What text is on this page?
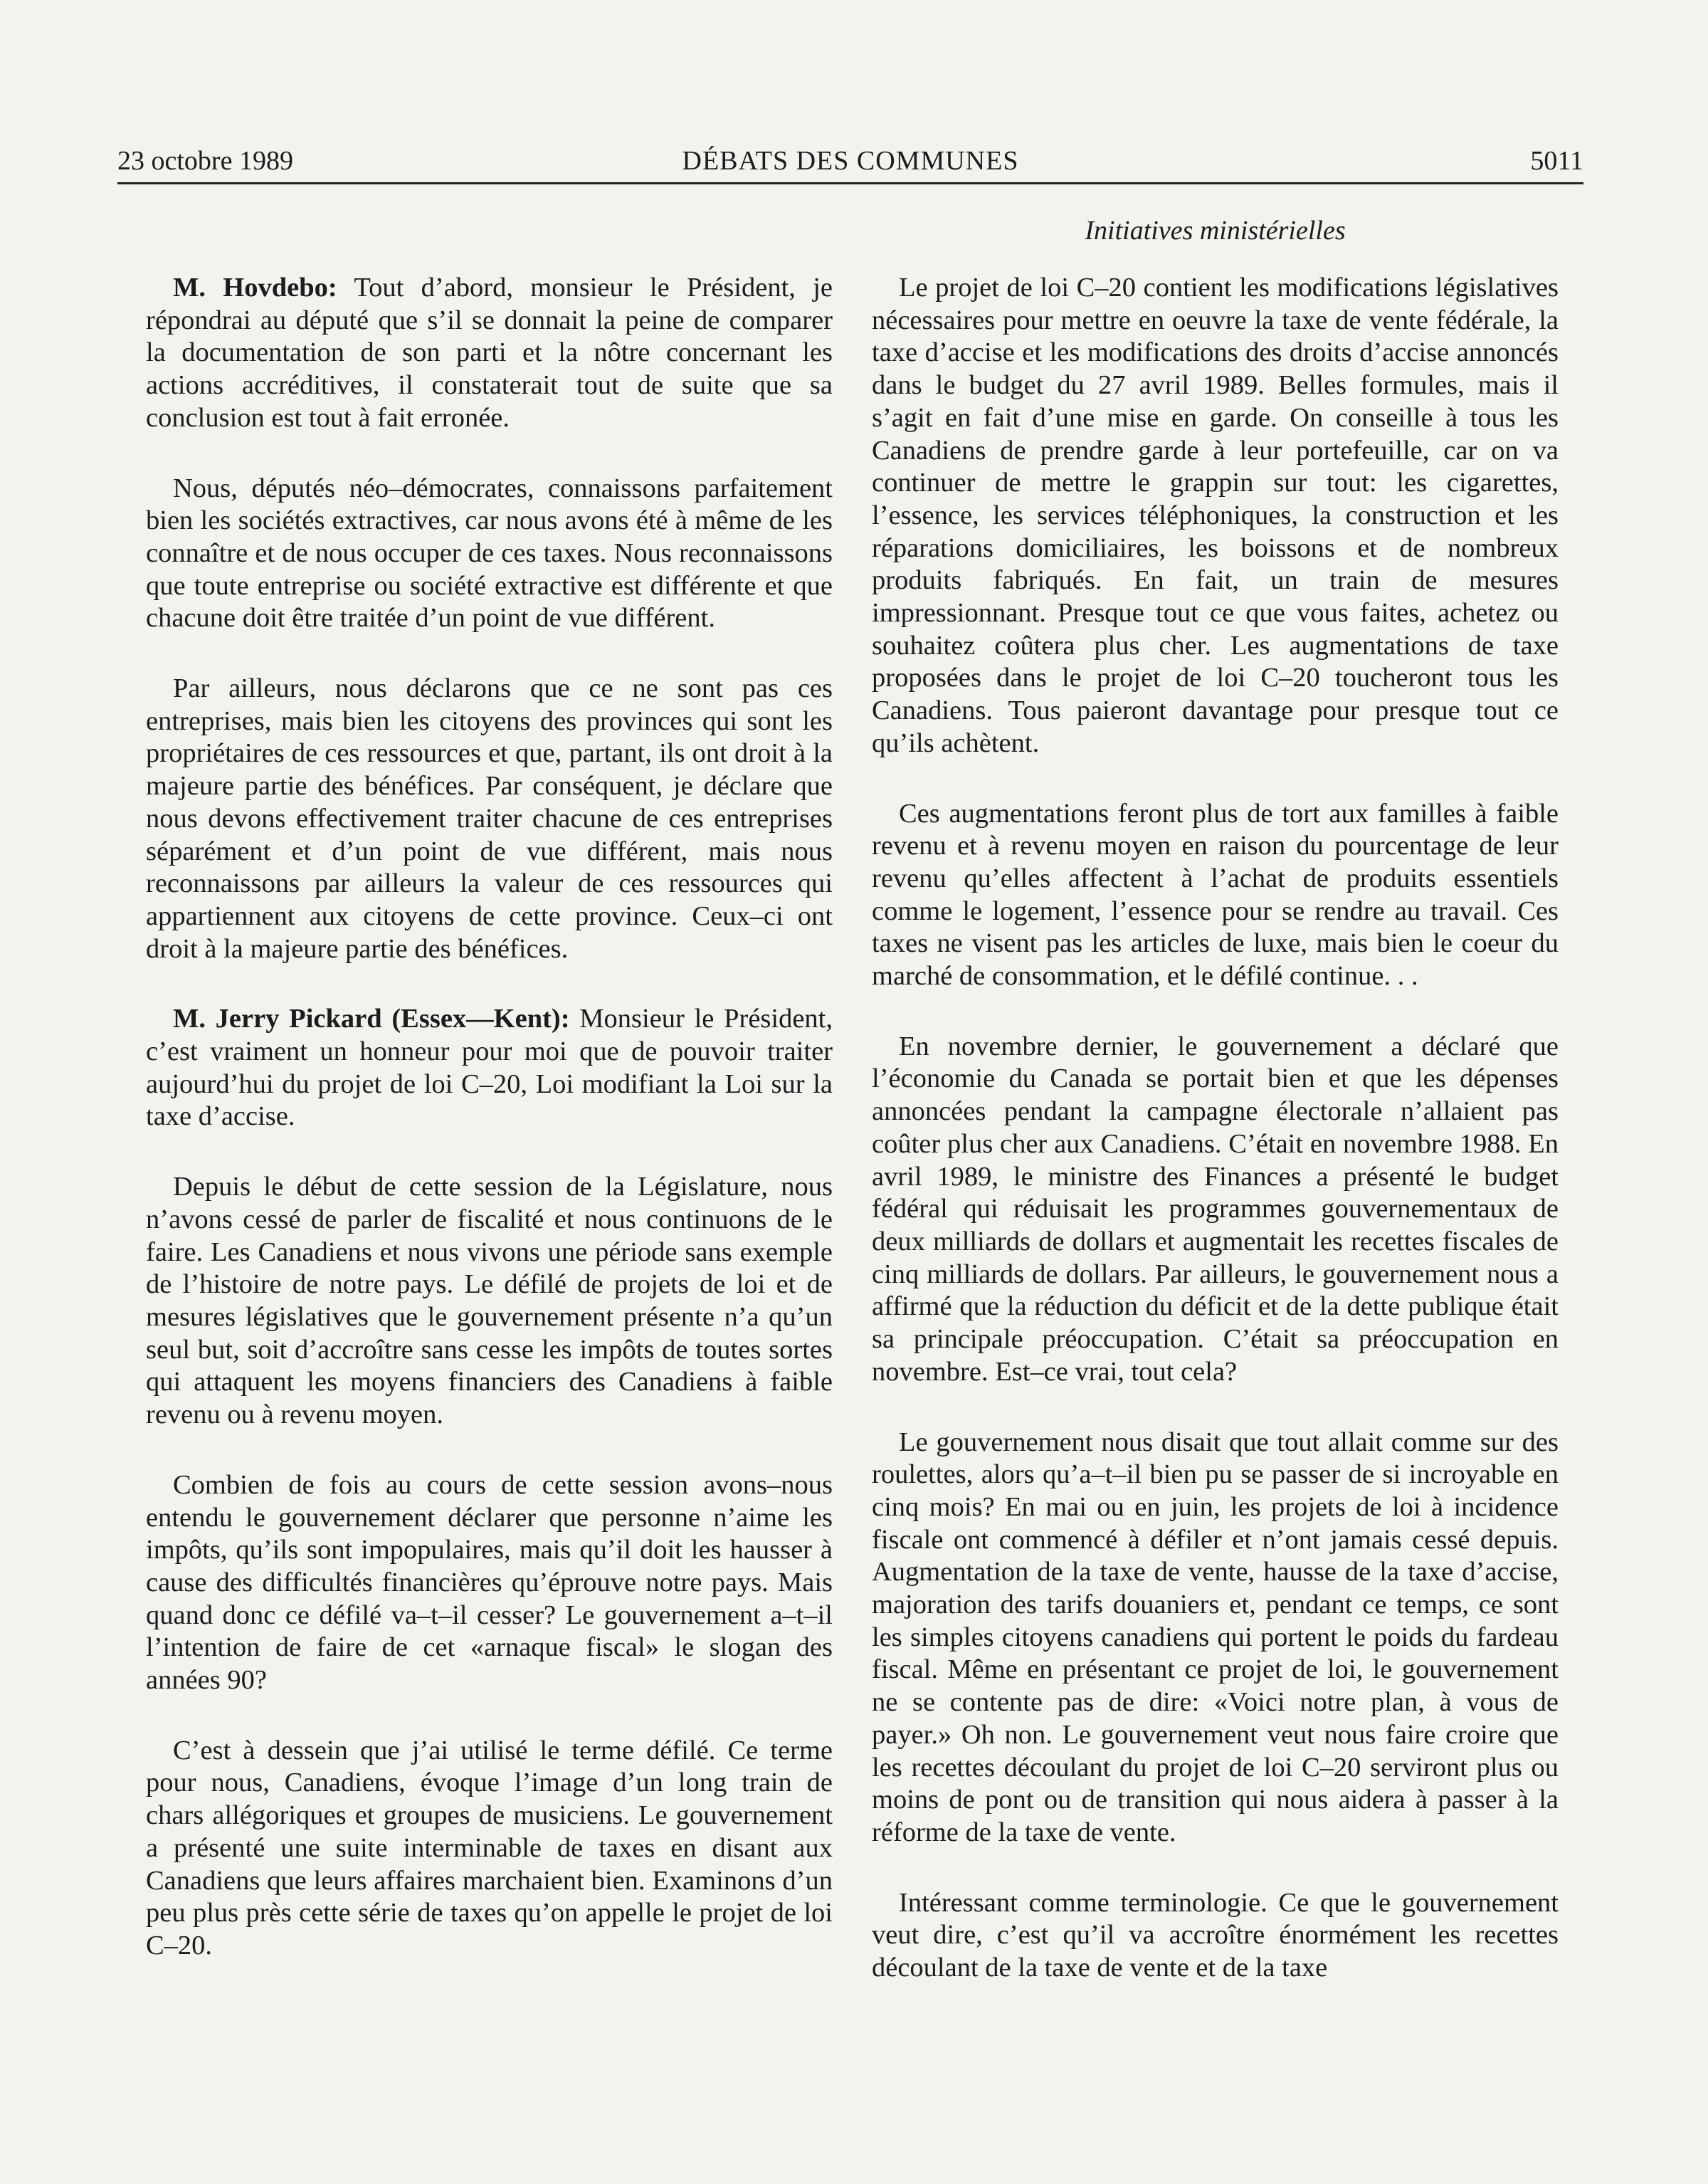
23 octobre 1989	DÉBATS DES COMMUNES	5011

M. Hovdebo: Tout d’abord, monsieur le Président, je répondrai au député que s’il se donnait la peine de comparer la documentation de son parti et la nôtre concernant les actions accréditives, il constaterait tout de suite que sa conclusion est tout à fait erronée.

Nous, députés néo–démocrates, connaissons parfaitement bien les sociétés extractives, car nous avons été à même de les connaître et de nous occuper de ces taxes. Nous reconnaissons que toute entreprise ou société extractive est différente et que chacune doit être traitée d’un point de vue différent.

Par ailleurs, nous déclarons que ce ne sont pas ces entreprises, mais bien les citoyens des provinces qui sont les propriétaires de ces ressources et que, partant, ils ont droit à la majeure partie des bénéfices. Par conséquent, je déclare que nous devons effectivement traiter chacune de ces entreprises séparément et d’un point de vue différent, mais nous reconnaissons par ailleurs la valeur de ces ressources qui appartiennent aux citoyens de cette province. Ceux–ci ont droit à la majeure partie des bénéfices.

M. Jerry Pickard (Essex—Kent): Monsieur le Président, c’est vraiment un honneur pour moi que de pouvoir traiter aujourd’hui du projet de loi C–20, Loi modifiant la Loi sur la taxe d’accise.

Depuis le début de cette session de la Législature, nous n’avons cessé de parler de fiscalité et nous continuons de le faire. Les Canadiens et nous vivons une période sans exemple de l’histoire de notre pays. Le défilé de projets de loi et de mesures législatives que le gouvernement présente n’a qu’un seul but, soit d’accroître sans cesse les impôts de toutes sortes qui attaquent les moyens financiers des Canadiens à faible revenu ou à revenu moyen.

Combien de fois au cours de cette session avons–nous entendu le gouvernement déclarer que personne n’aime les impôts, qu’ils sont impopulaires, mais qu’il doit les hausser à cause des difficultés financières qu’éprouve notre pays. Mais quand donc ce défilé va–t–il cesser? Le gouvernement a–t–il l’intention de faire de cet «arnaque fiscal» le slogan des années 90?

C’est à dessein que j’ai utilisé le terme défilé. Ce terme pour nous, Canadiens, évoque l’image d’un long train de chars allégoriques et groupes de musiciens. Le gouvernement a présenté une suite interminable de taxes en disant aux Canadiens que leurs affaires marchaient bien. Examinons d’un peu plus près cette série de taxes qu’on appelle le projet de loi C–20.

Initiatives ministérielles

Le projet de loi C–20 contient les modifications législatives nécessaires pour mettre en oeuvre la taxe de vente fédérale, la taxe d’accise et les modifications des droits d’accise annoncés dans le budget du 27 avril 1989. Belles formules, mais il s’agit en fait d’une mise en garde. On conseille à tous les Canadiens de prendre garde à leur portefeuille, car on va continuer de mettre le grappin sur tout: les cigarettes, l’essence, les services téléphoniques, la construction et les réparations domiciliaires, les boissons et de nombreux produits fabriqués. En fait, un train de mesures impressionnant. Presque tout ce que vous faites, achetez ou souhaitez coûtera plus cher. Les augmentations de taxe proposées dans le projet de loi C–20 toucheront tous les Canadiens. Tous paieront davantage pour presque tout ce qu’ils achètent.

Ces augmentations feront plus de tort aux familles à faible revenu et à revenu moyen en raison du pourcentage de leur revenu qu’elles affectent à l’achat de produits essentiels comme le logement, l’essence pour se rendre au travail. Ces taxes ne visent pas les articles de luxe, mais bien le coeur du marché de consommation, et le défilé continue. . .

En novembre dernier, le gouvernement a déclaré que l’économie du Canada se portait bien et que les dépenses annoncées pendant la campagne électorale n’allaient pas coûter plus cher aux Canadiens. C’était en novembre 1988. En avril 1989, le ministre des Finances a présenté le budget fédéral qui réduisait les programmes gouvernementaux de deux milliards de dollars et augmentait les recettes fiscales de cinq milliards de dollars. Par ailleurs, le gouvernement nous a affirmé que la réduction du déficit et de la dette publique était sa principale préoccupation. C’était sa préoccupation en novembre. Est–ce vrai, tout cela?

Le gouvernement nous disait que tout allait comme sur des roulettes, alors qu’a–t–il bien pu se passer de si incroyable en cinq mois? En mai ou en juin, les projets de loi à incidence fiscale ont commencé à défiler et n’ont jamais cessé depuis. Augmentation de la taxe de vente, hausse de la taxe d’accise, majoration des tarifs douaniers et, pendant ce temps, ce sont les simples citoyens canadiens qui portent le poids du fardeau fiscal. Même en présentant ce projet de loi, le gouvernement ne se contente pas de dire: «Voici notre plan, à vous de payer.» Oh non. Le gouvernement veut nous faire croire que les recettes découlant du projet de loi C–20 serviront plus ou moins de pont ou de transition qui nous aidera à passer à la réforme de la taxe de vente.

Intéressant comme terminologie. Ce que le gouvernement veut dire, c’est qu’il va accroître énormément les recettes découlant de la taxe de vente et de la taxe
